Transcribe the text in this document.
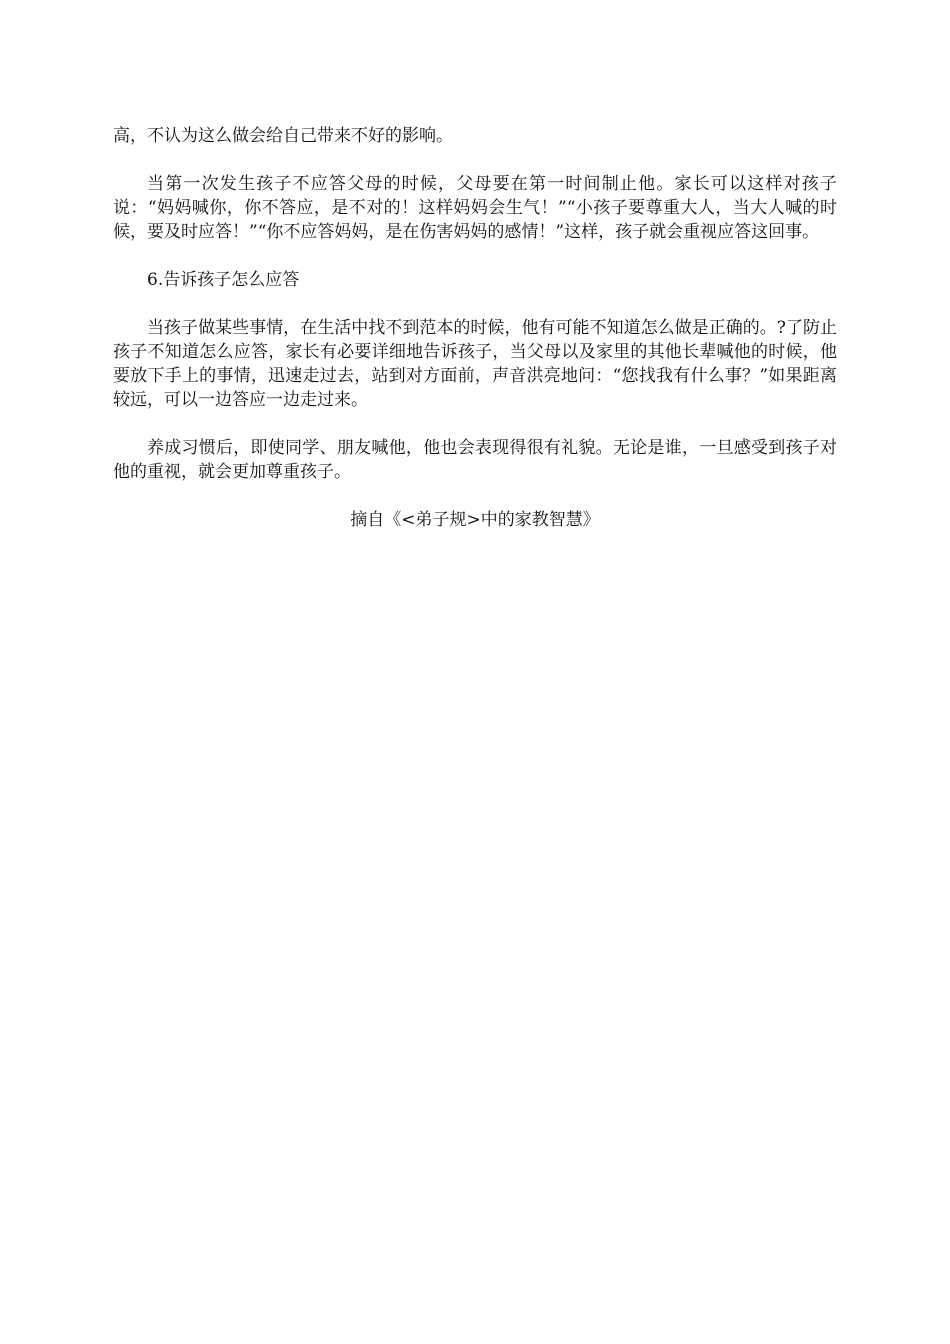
高，不认为这么做会给自己带来不好的影响。

当第一次发生孩子不应答父母的时候，父母要在第一时间制止他。家长可以这样对孩子说：“妈妈喊你，你不答应，是不对的！这样妈妈会生气！”“小孩子要尊重大人，当大人喊的时候，要及时应答！”“你不应答妈妈，是在伤害妈妈的感情！”这样，孩子就会重视应答这回事。

6.告诉孩子怎么应答

当孩子做某些事情，在生活中找不到范本的时候，他有可能不知道怎么做是正确的。?了防止孩子不知道怎么应答，家长有必要详细地告诉孩子，当父母以及家里的其他长辈喊他的时候，他要放下手上的事情，迅速走过去，站到对方面前，声音洪亮地问：“您找我有什么事？”如果距离较远，可以一边答应一边走过来。

养成习惯后，即使同学、朋友喊他，他也会表现得很有礼貌。无论是谁，一旦感受到孩子对他的重视，就会更加尊重孩子。

摘自《<弟子规>中的家教智慧》
